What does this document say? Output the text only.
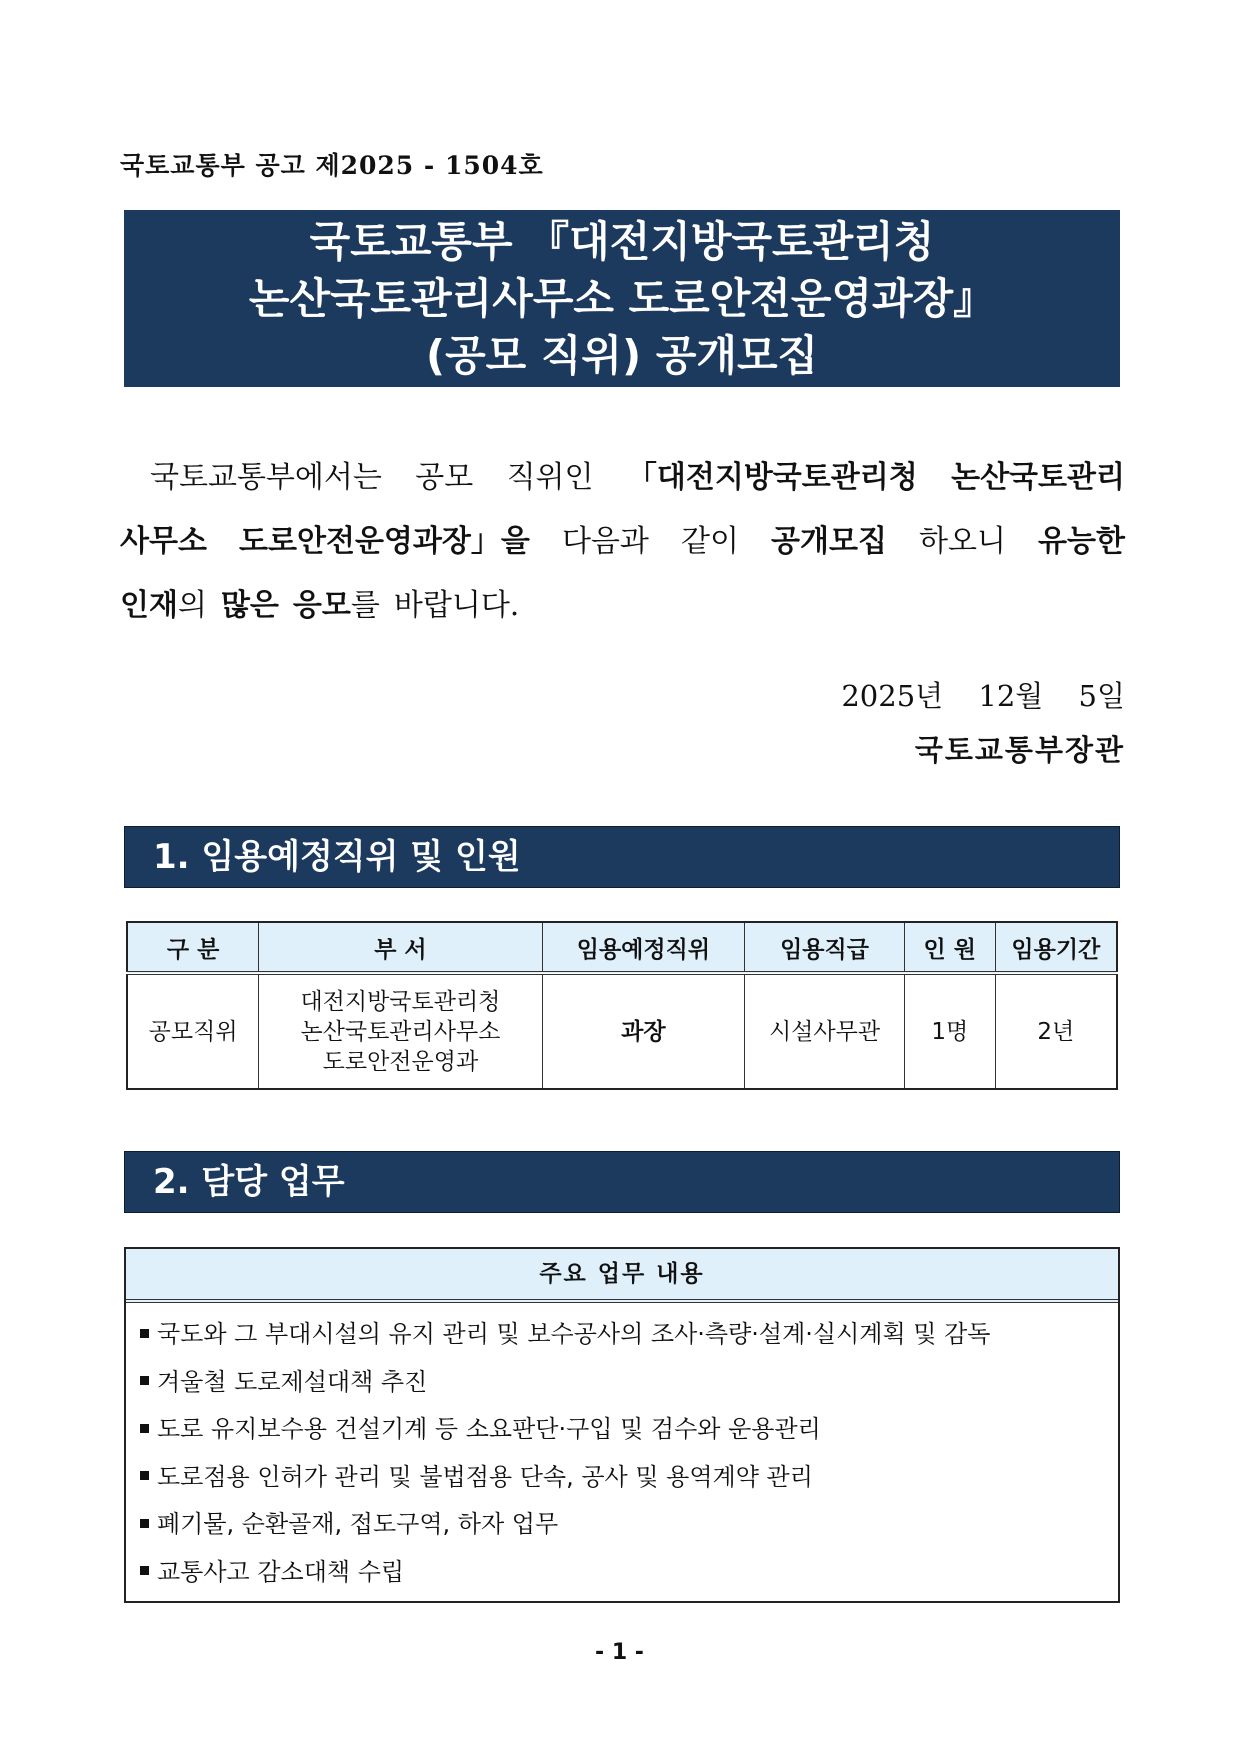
국토교통부 공고 제2025 - 1504호
국토교통부 『대전지방국토관리청
논산국토관리사무소 도로안전운영과장』
(공모 직위) 공개모집
국토교통부에서는 공모 직위인 「대전지방국토관리청 논산국토관리
사무소 도로안전운영과장」을 다음과 같이 공개모집 하오니 유능한
인재의 많은 응모를 바랍니다.
2025년 12월 5일
국토교통부장관
1. 임용예정직위 및 인원
구 분	부 서	임용예정직위	임용직급	인 원	임용기간
공모직위	대전지방국토관리청
논산국토관리사무소
도로안전운영과	과장	시설사무관	1명	2년
2. 담당 업무
주요 업무 내용
국도와 그 부대시설의 유지 관리 및 보수공사의 조사·측량·설계·실시계획 및 감독
겨울철 도로제설대책 추진
도로 유지보수용 건설기계 등 소요판단·구입 및 검수와 운용관리
도로점용 인허가 관리 및 불법점용 단속, 공사 및 용역계약 관리
폐기물, 순환골재, 접도구역, 하자 업무
교통사고 감소대책 수립
- 1 -
